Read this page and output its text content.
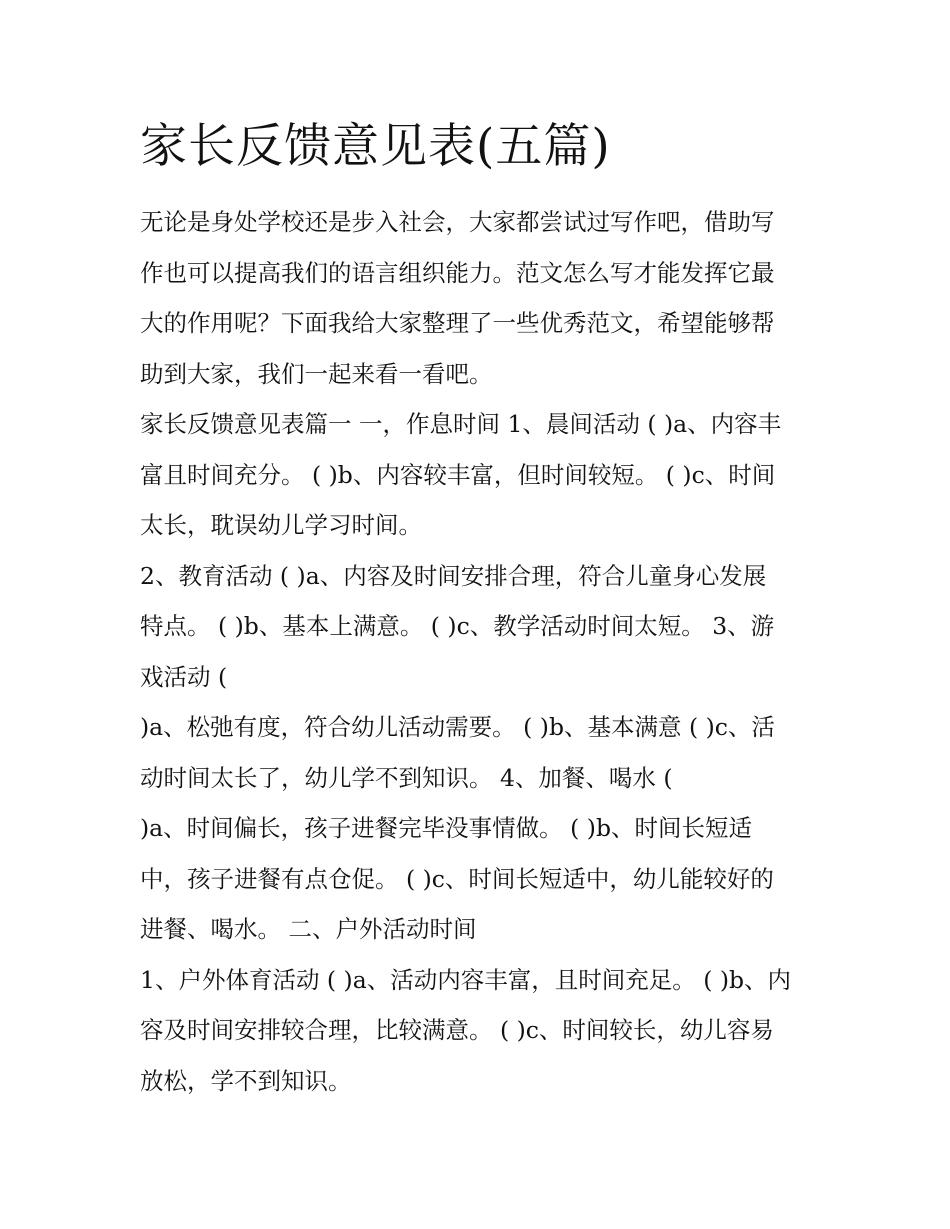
家长反馈意见表(五篇)

无论是身处学校还是步入社会，大家都尝试过写作吧，借助写
作也可以提高我们的语言组织能力。范文怎么写才能发挥它最
大的作用呢？下面我给大家整理了一些优秀范文，希望能够帮
助到大家，我们一起来看一看吧。

家长反馈意见表篇一 一，作息时间 1、晨间活动 ( )a、内容丰
富且时间充分。 ( )b、内容较丰富，但时间较短。 ( )c、时间
太长，耽误幼儿学习时间。

2、教育活动 ( )a、内容及时间安排合理，符合儿童身心发展
特点。 ( )b、基本上满意。 ( )c、教学活动时间太短。 3、游
戏活动 (

)a、松弛有度，符合幼儿活动需要。 ( )b、基本满意 ( )c、活
动时间太长了，幼儿学不到知识。 4、加餐、喝水 (

)a、时间偏长，孩子进餐完毕没事情做。 ( )b、时间长短适
中，孩子进餐有点仓促。 ( )c、时间长短适中，幼儿能较好的
进餐、喝水。 二、户外活动时间

1、户外体育活动 ( )a、活动内容丰富，且时间充足。 ( )b、内
容及时间安排较合理，比较满意。 ( )c、时间较长，幼儿容易
放松，学不到知识。
